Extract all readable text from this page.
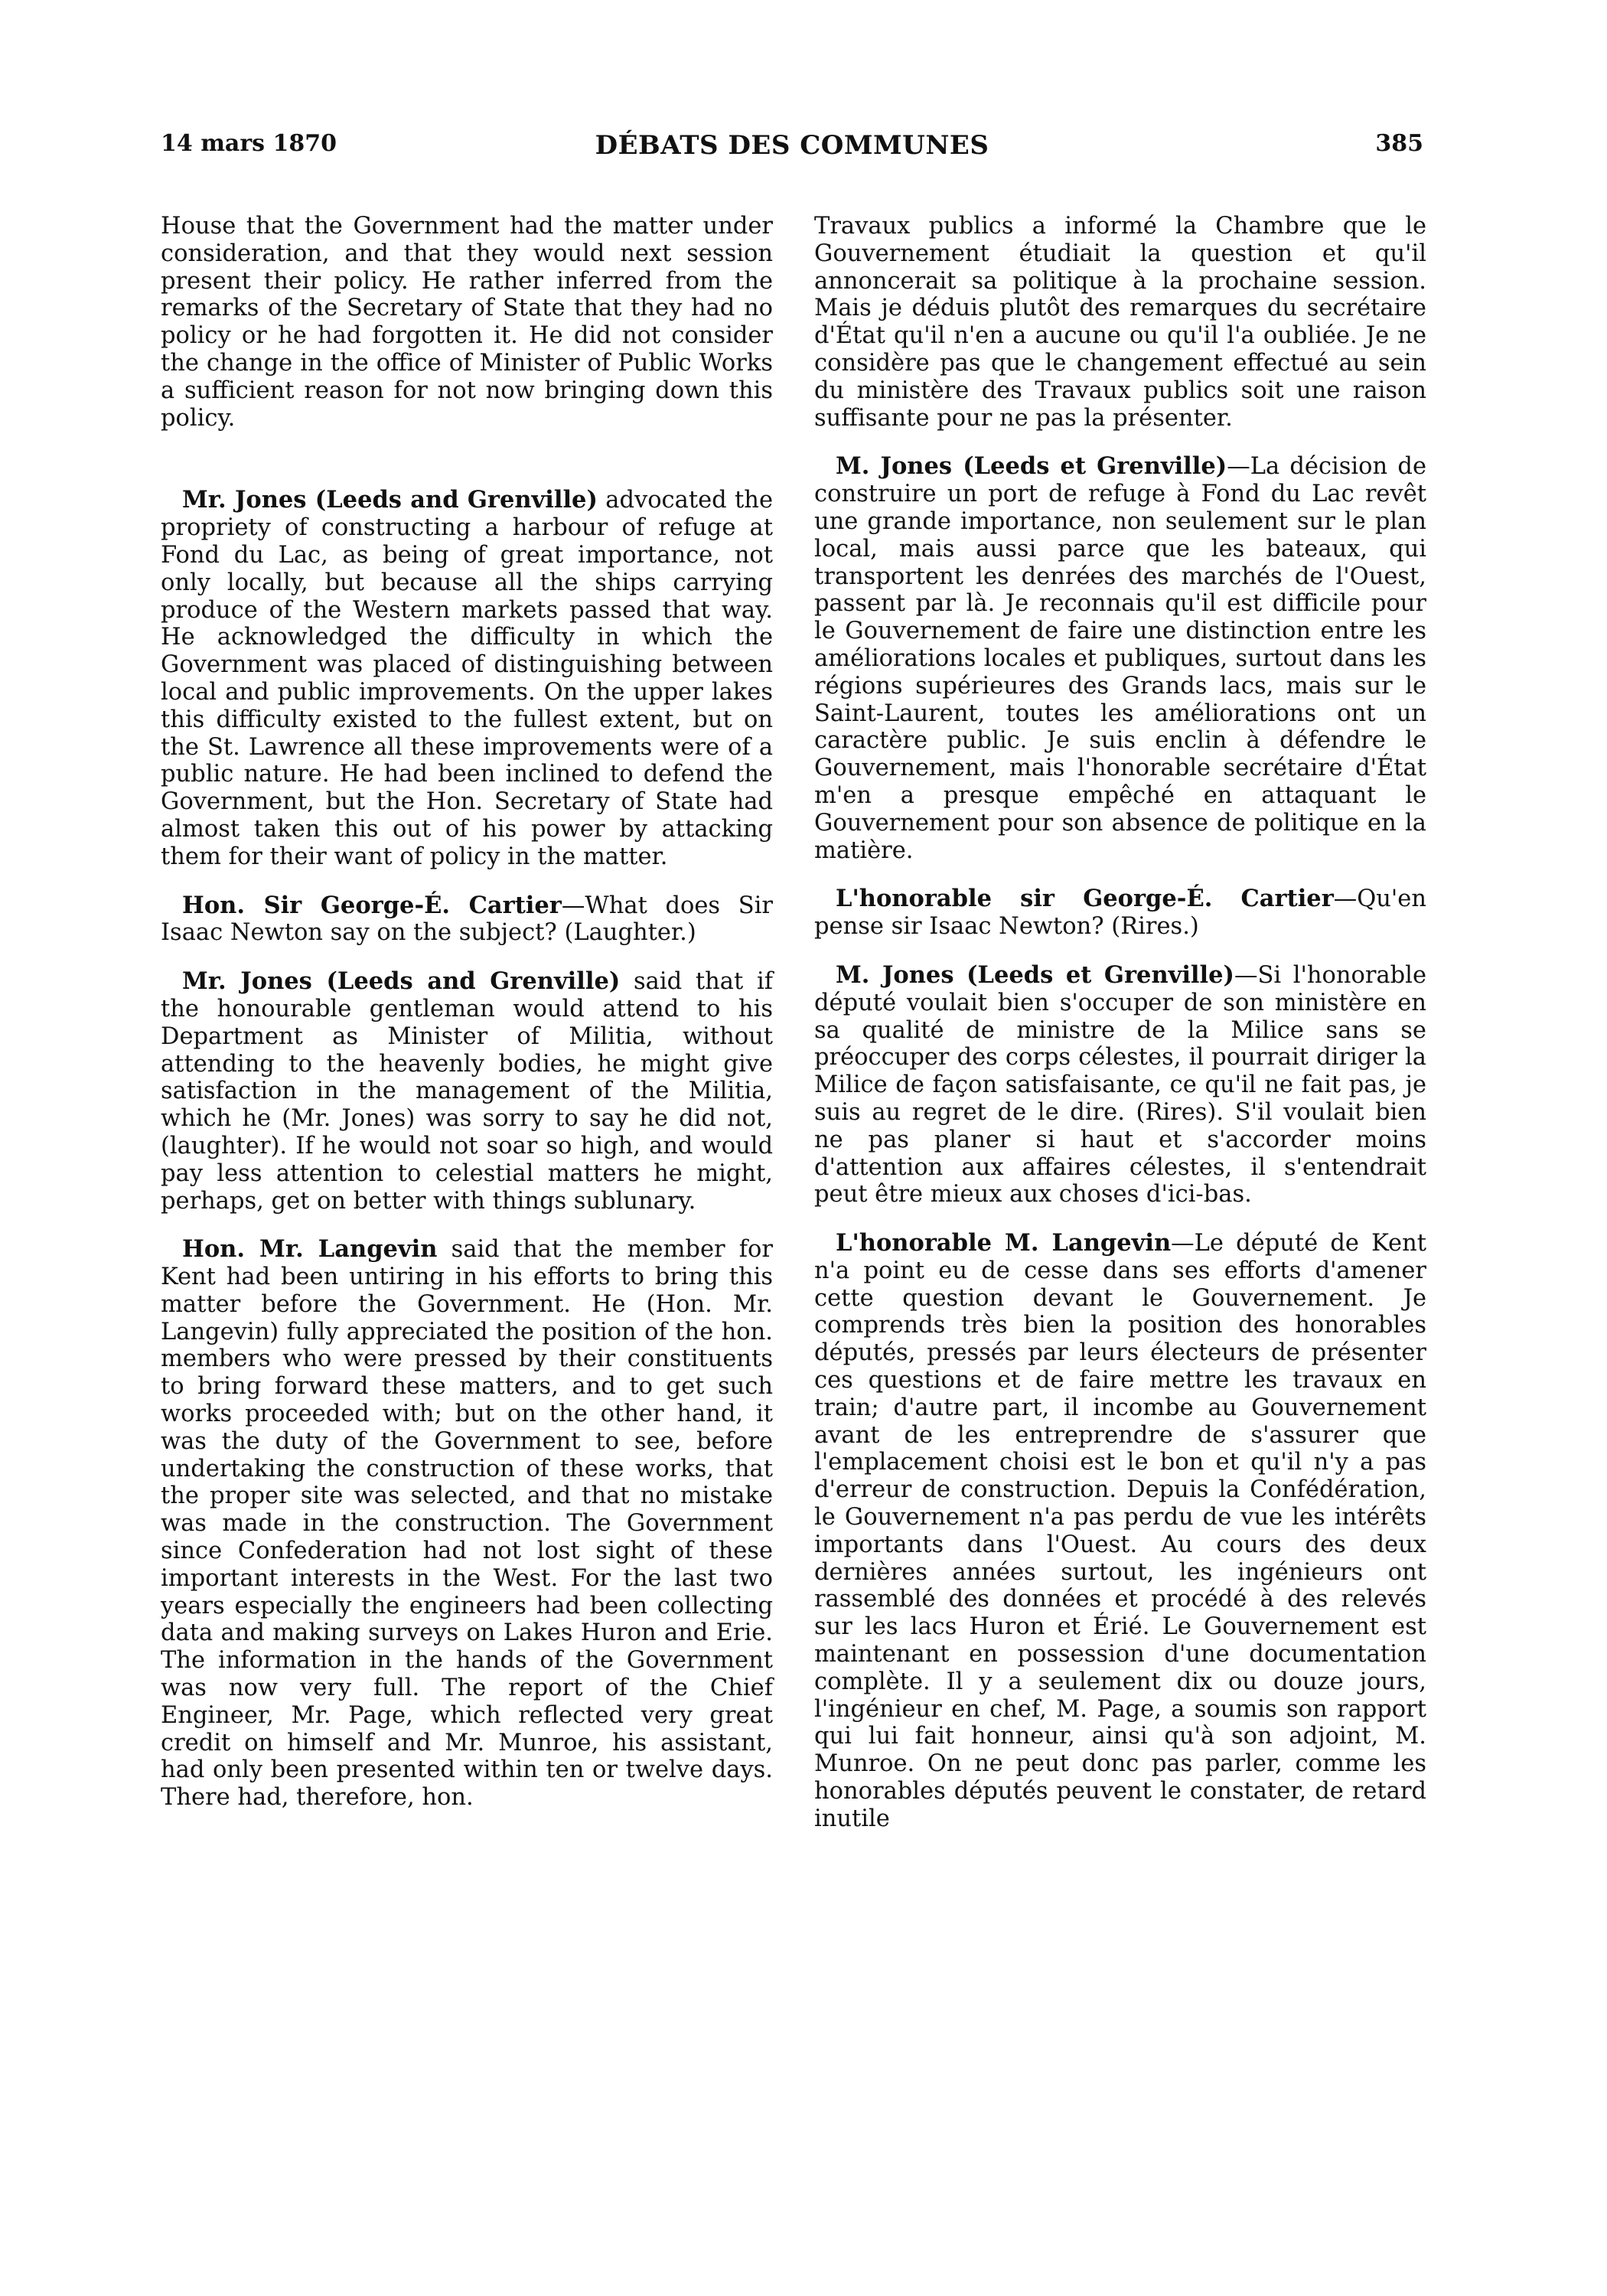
14 mars 1870	DÉBATS DES COMMUNES	385

House that the Government had the matter under consideration, and that they would next session present their policy. He rather inferred from the remarks of the Secretary of State that they had no policy or he had forgotten it. He did not consider the change in the office of Minister of Public Works a sufficient reason for not now bringing down this policy.

Mr. Jones (Leeds and Grenville) advocated the propriety of constructing a harbour of refuge at Fond du Lac, as being of great importance, not only locally, but because all the ships carrying produce of the Western markets passed that way. He acknowledged the difficulty in which the Government was placed of distinguishing between local and public improvements. On the upper lakes this difficulty existed to the fullest extent, but on the St. Lawrence all these improvements were of a public nature. He had been inclined to defend the Government, but the Hon. Secretary of State had almost taken this out of his power by attacking them for their want of policy in the matter.

Hon. Sir George-É. Cartier—What does Sir Isaac Newton say on the subject? (Laughter.)

Mr. Jones (Leeds and Grenville) said that if the honourable gentleman would attend to his Department as Minister of Militia, without attending to the heavenly bodies, he might give satisfaction in the management of the Militia, which he (Mr. Jones) was sorry to say he did not, (laughter). If he would not soar so high, and would pay less attention to celestial matters he might, perhaps, get on better with things sublunary.

Hon. Mr. Langevin said that the member for Kent had been untiring in his efforts to bring this matter before the Government. He (Hon. Mr. Langevin) fully appreciated the position of the hon. members who were pressed by their constituents to bring forward these matters, and to get such works proceeded with; but on the other hand, it was the duty of the Government to see, before undertaking the construction of these works, that the proper site was selected, and that no mistake was made in the construction. The Government since Confederation had not lost sight of these important interests in the West. For the last two years especially the engineers had been collecting data and making surveys on Lakes Huron and Erie. The information in the hands of the Government was now very full. The report of the Chief Engineer, Mr. Page, which reflected very great credit on himself and Mr. Munroe, his assistant, had only been presented within ten or twelve days. There had, therefore, hon.

Travaux publics a informé la Chambre que le Gouvernement étudiait la question et qu'il annoncerait sa politique à la prochaine session. Mais je déduis plutôt des remarques du secrétaire d'État qu'il n'en a aucune ou qu'il l'a oubliée. Je ne considère pas que le changement effectué au sein du ministère des Travaux publics soit une raison suffisante pour ne pas la présenter.

M. Jones (Leeds et Grenville)—La décision de construire un port de refuge à Fond du Lac revêt une grande importance, non seulement sur le plan local, mais aussi parce que les bateaux, qui transportent les denrées des marchés de l'Ouest, passent par là. Je reconnais qu'il est difficile pour le Gouvernement de faire une distinction entre les améliorations locales et publiques, surtout dans les régions supérieures des Grands lacs, mais sur le Saint-Laurent, toutes les améliorations ont un caractère public. Je suis enclin à défendre le Gouvernement, mais l'honorable secrétaire d'État m'en a presque empêché en attaquant le Gouvernement pour son absence de politique en la matière.

L'honorable sir George-É. Cartier—Qu'en pense sir Isaac Newton? (Rires.)

M. Jones (Leeds et Grenville)—Si l'honorable député voulait bien s'occuper de son ministère en sa qualité de ministre de la Milice sans se préoccuper des corps célestes, il pourrait diriger la Milice de façon satisfaisante, ce qu'il ne fait pas, je suis au regret de le dire. (Rires). S'il voulait bien ne pas planer si haut et s'accorder moins d'attention aux affaires célestes, il s'entendrait peut être mieux aux choses d'ici-bas.

L'honorable M. Langevin—Le député de Kent n'a point eu de cesse dans ses efforts d'amener cette question devant le Gouvernement. Je comprends très bien la position des honorables députés, pressés par leurs électeurs de présenter ces questions et de faire mettre les travaux en train; d'autre part, il incombe au Gouvernement avant de les entreprendre de s'assurer que l'emplacement choisi est le bon et qu'il n'y a pas d'erreur de construction. Depuis la Confédération, le Gouvernement n'a pas perdu de vue les intérêts importants dans l'Ouest. Au cours des deux dernières années surtout, les ingénieurs ont rassemblé des données et procédé à des relevés sur les lacs Huron et Érié. Le Gouvernement est maintenant en possession d'une documentation complète. Il y a seulement dix ou douze jours, l'ingénieur en chef, M. Page, a soumis son rapport qui lui fait honneur, ainsi qu'à son adjoint, M. Munroe. On ne peut donc pas parler, comme les honorables députés peuvent le constater, de retard inutile
